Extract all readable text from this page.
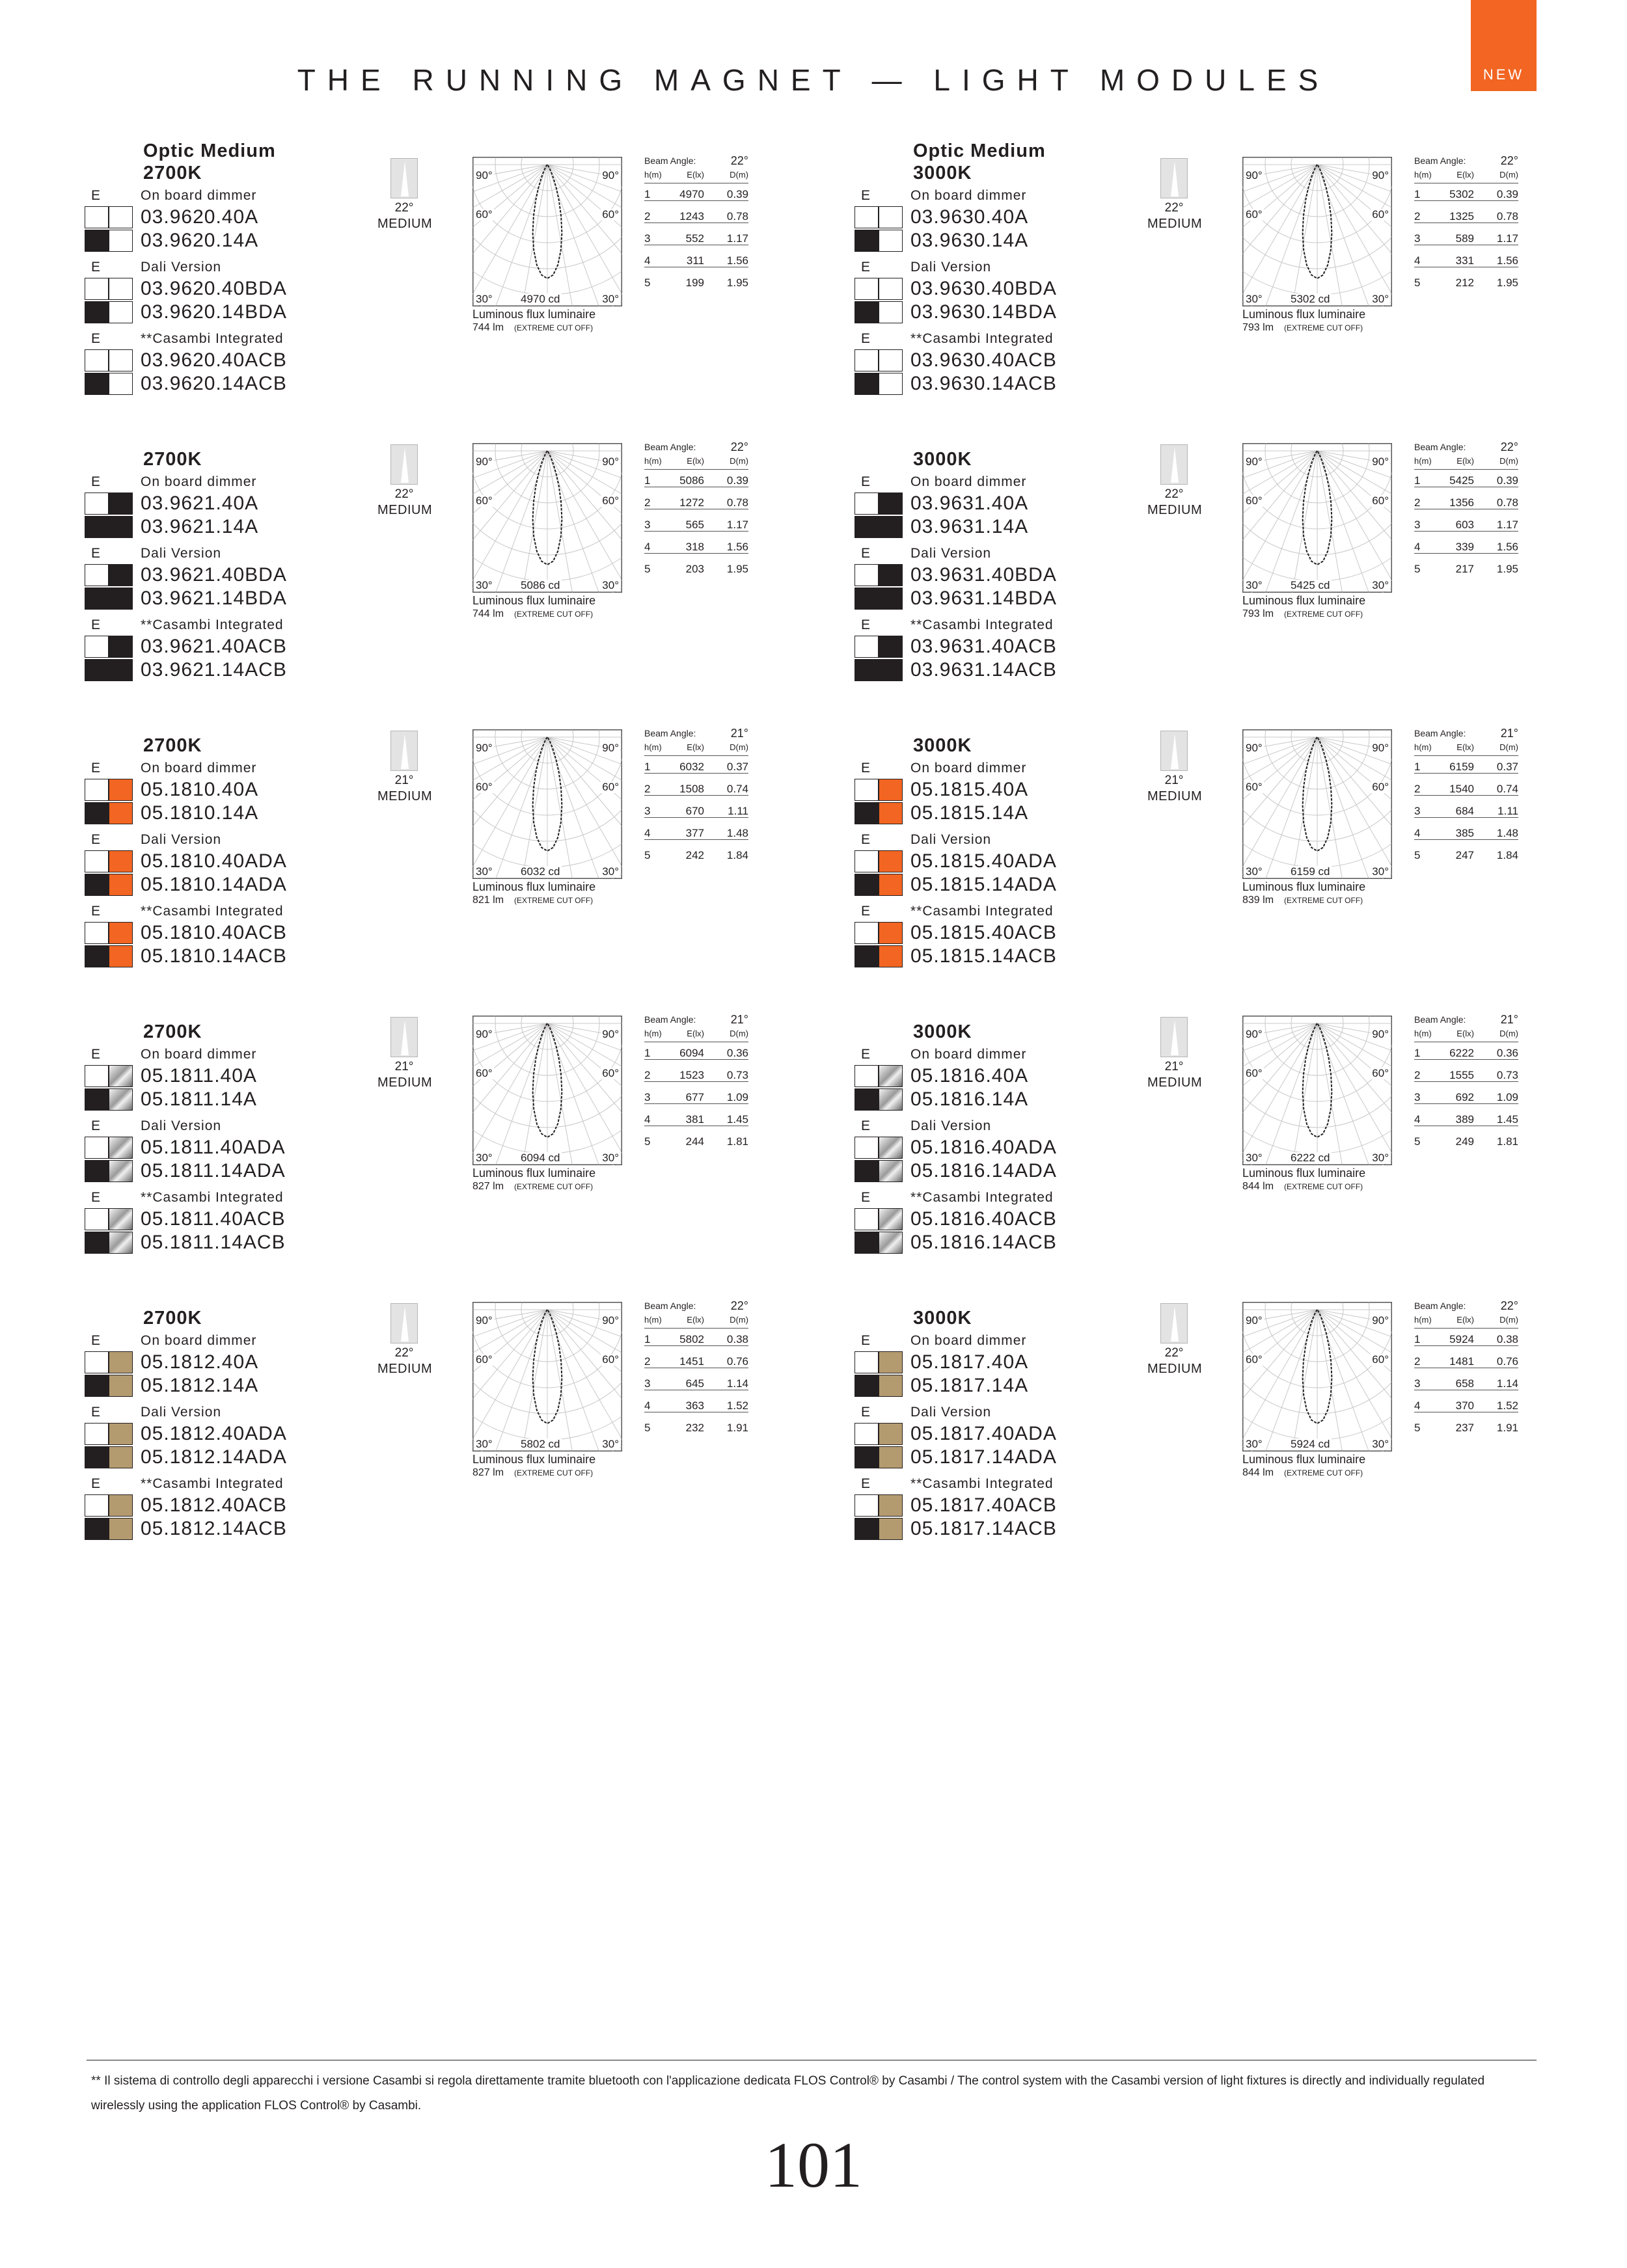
THE RUNNING MAGNET — LIGHT MODULES	NEW
Optic Medium
2700K
E	On board dimmer
03.9620.40A
03.9620.14A
E	Dali Version
03.9620.40BDA
03.9620.14BDA
E	**Casambi Integrated
03.9620.40ACB
03.9620.14ACB
22°
MEDIUM
90°	90°
60°	60°
30°	30°
4970 cd
Luminous flux luminaire
744 lm (EXTREME CUT OFF)
Beam Angle:	22°
h(m)	E(lx)	D(m)
1	4970	0.39
2	1243	0.78
3	552	1.17
4	311	1.56
5	199	1.95
Optic Medium
3000K
E	On board dimmer
03.9630.40A
03.9630.14A
E	Dali Version
03.9630.40BDA
03.9630.14BDA
E	**Casambi Integrated
03.9630.40ACB
03.9630.14ACB
22°
MEDIUM
90°	90°
60°	60°
30°	30°
5302 cd
Luminous flux luminaire
793 lm (EXTREME CUT OFF)
Beam Angle:	22°
h(m)	E(lx)	D(m)
1	5302	0.39
2	1325	0.78
3	589	1.17
4	331	1.56
5	212	1.95
2700K
E	On board dimmer
03.9621.40A
03.9621.14A
E	Dali Version
03.9621.40BDA
03.9621.14BDA
E	**Casambi Integrated
03.9621.40ACB
03.9621.14ACB
22°
MEDIUM
90°	90°
60°	60°
30°	30°
5086 cd
Luminous flux luminaire
744 lm (EXTREME CUT OFF)
Beam Angle:	22°
h(m)	E(lx)	D(m)
1	5086	0.39
2	1272	0.78
3	565	1.17
4	318	1.56
5	203	1.95
3000K
E	On board dimmer
03.9631.40A
03.9631.14A
E	Dali Version
03.9631.40BDA
03.9631.14BDA
E	**Casambi Integrated
03.9631.40ACB
03.9631.14ACB
22°
MEDIUM
90°	90°
60°	60°
30°	30°
5425 cd
Luminous flux luminaire
793 lm (EXTREME CUT OFF)
Beam Angle:	22°
h(m)	E(lx)	D(m)
1	5425	0.39
2	1356	0.78
3	603	1.17
4	339	1.56
5	217	1.95
2700K
E	On board dimmer
05.1810.40A
05.1810.14A
E	Dali Version
05.1810.40ADA
05.1810.14ADA
E	**Casambi Integrated
05.1810.40ACB
05.1810.14ACB
21°
MEDIUM
90°	90°
60°	60°
30°	30°
6032 cd
Luminous flux luminaire
821 lm (EXTREME CUT OFF)
Beam Angle:	21°
h(m)	E(lx)	D(m)
1	6032	0.37
2	1508	0.74
3	670	1.11
4	377	1.48
5	242	1.84
3000K
E	On board dimmer
05.1815.40A
05.1815.14A
E	Dali Version
05.1815.40ADA
05.1815.14ADA
E	**Casambi Integrated
05.1815.40ACB
05.1815.14ACB
21°
MEDIUM
90°	90°
60°	60°
30°	30°
6159 cd
Luminous flux luminaire
839 lm (EXTREME CUT OFF)
Beam Angle:	21°
h(m)	E(lx)	D(m)
1	6159	0.37
2	1540	0.74
3	684	1.11
4	385	1.48
5	247	1.84
2700K
E	On board dimmer
05.1811.40A
05.1811.14A
E	Dali Version
05.1811.40ADA
05.1811.14ADA
E	**Casambi Integrated
05.1811.40ACB
05.1811.14ACB
21°
MEDIUM
90°	90°
60°	60°
30°	30°
6094 cd
Luminous flux luminaire
827 lm (EXTREME CUT OFF)
Beam Angle:	21°
h(m)	E(lx)	D(m)
1	6094	0.36
2	1523	0.73
3	677	1.09
4	381	1.45
5	244	1.81
3000K
E	On board dimmer
05.1816.40A
05.1816.14A
E	Dali Version
05.1816.40ADA
05.1816.14ADA
E	**Casambi Integrated
05.1816.40ACB
05.1816.14ACB
21°
MEDIUM
90°	90°
60°	60°
30°	30°
6222 cd
Luminous flux luminaire
844 lm (EXTREME CUT OFF)
Beam Angle:	21°
h(m)	E(lx)	D(m)
1	6222	0.36
2	1555	0.73
3	692	1.09
4	389	1.45
5	249	1.81
2700K
E	On board dimmer
05.1812.40A
05.1812.14A
E	Dali Version
05.1812.40ADA
05.1812.14ADA
E	**Casambi Integrated
05.1812.40ACB
05.1812.14ACB
22°
MEDIUM
90°	90°
60°	60°
30°	30°
5802 cd
Luminous flux luminaire
827 lm (EXTREME CUT OFF)
Beam Angle:	22°
h(m)	E(lx)	D(m)
1	5802	0.38
2	1451	0.76
3	645	1.14
4	363	1.52
5	232	1.91
3000K
E	On board dimmer
05.1817.40A
05.1817.14A
E	Dali Version
05.1817.40ADA
05.1817.14ADA
E	**Casambi Integrated
05.1817.40ACB
05.1817.14ACB
22°
MEDIUM
90°	90°
60°	60°
30°	30°
5924 cd
Luminous flux luminaire
844 lm (EXTREME CUT OFF)
Beam Angle:	22°
h(m)	E(lx)	D(m)
1	5924	0.38
2	1481	0.76
3	658	1.14
4	370	1.52
5	237	1.91
** Il sistema di controllo degli apparecchi i versione Casambi si regola direttamente tramite bluetooth con l'applicazione dedicata FLOS Control® by Casambi / The control system with the Casambi version of light fixtures is directly and individually regulated wirelessly using the application FLOS Control® by Casambi.
101
